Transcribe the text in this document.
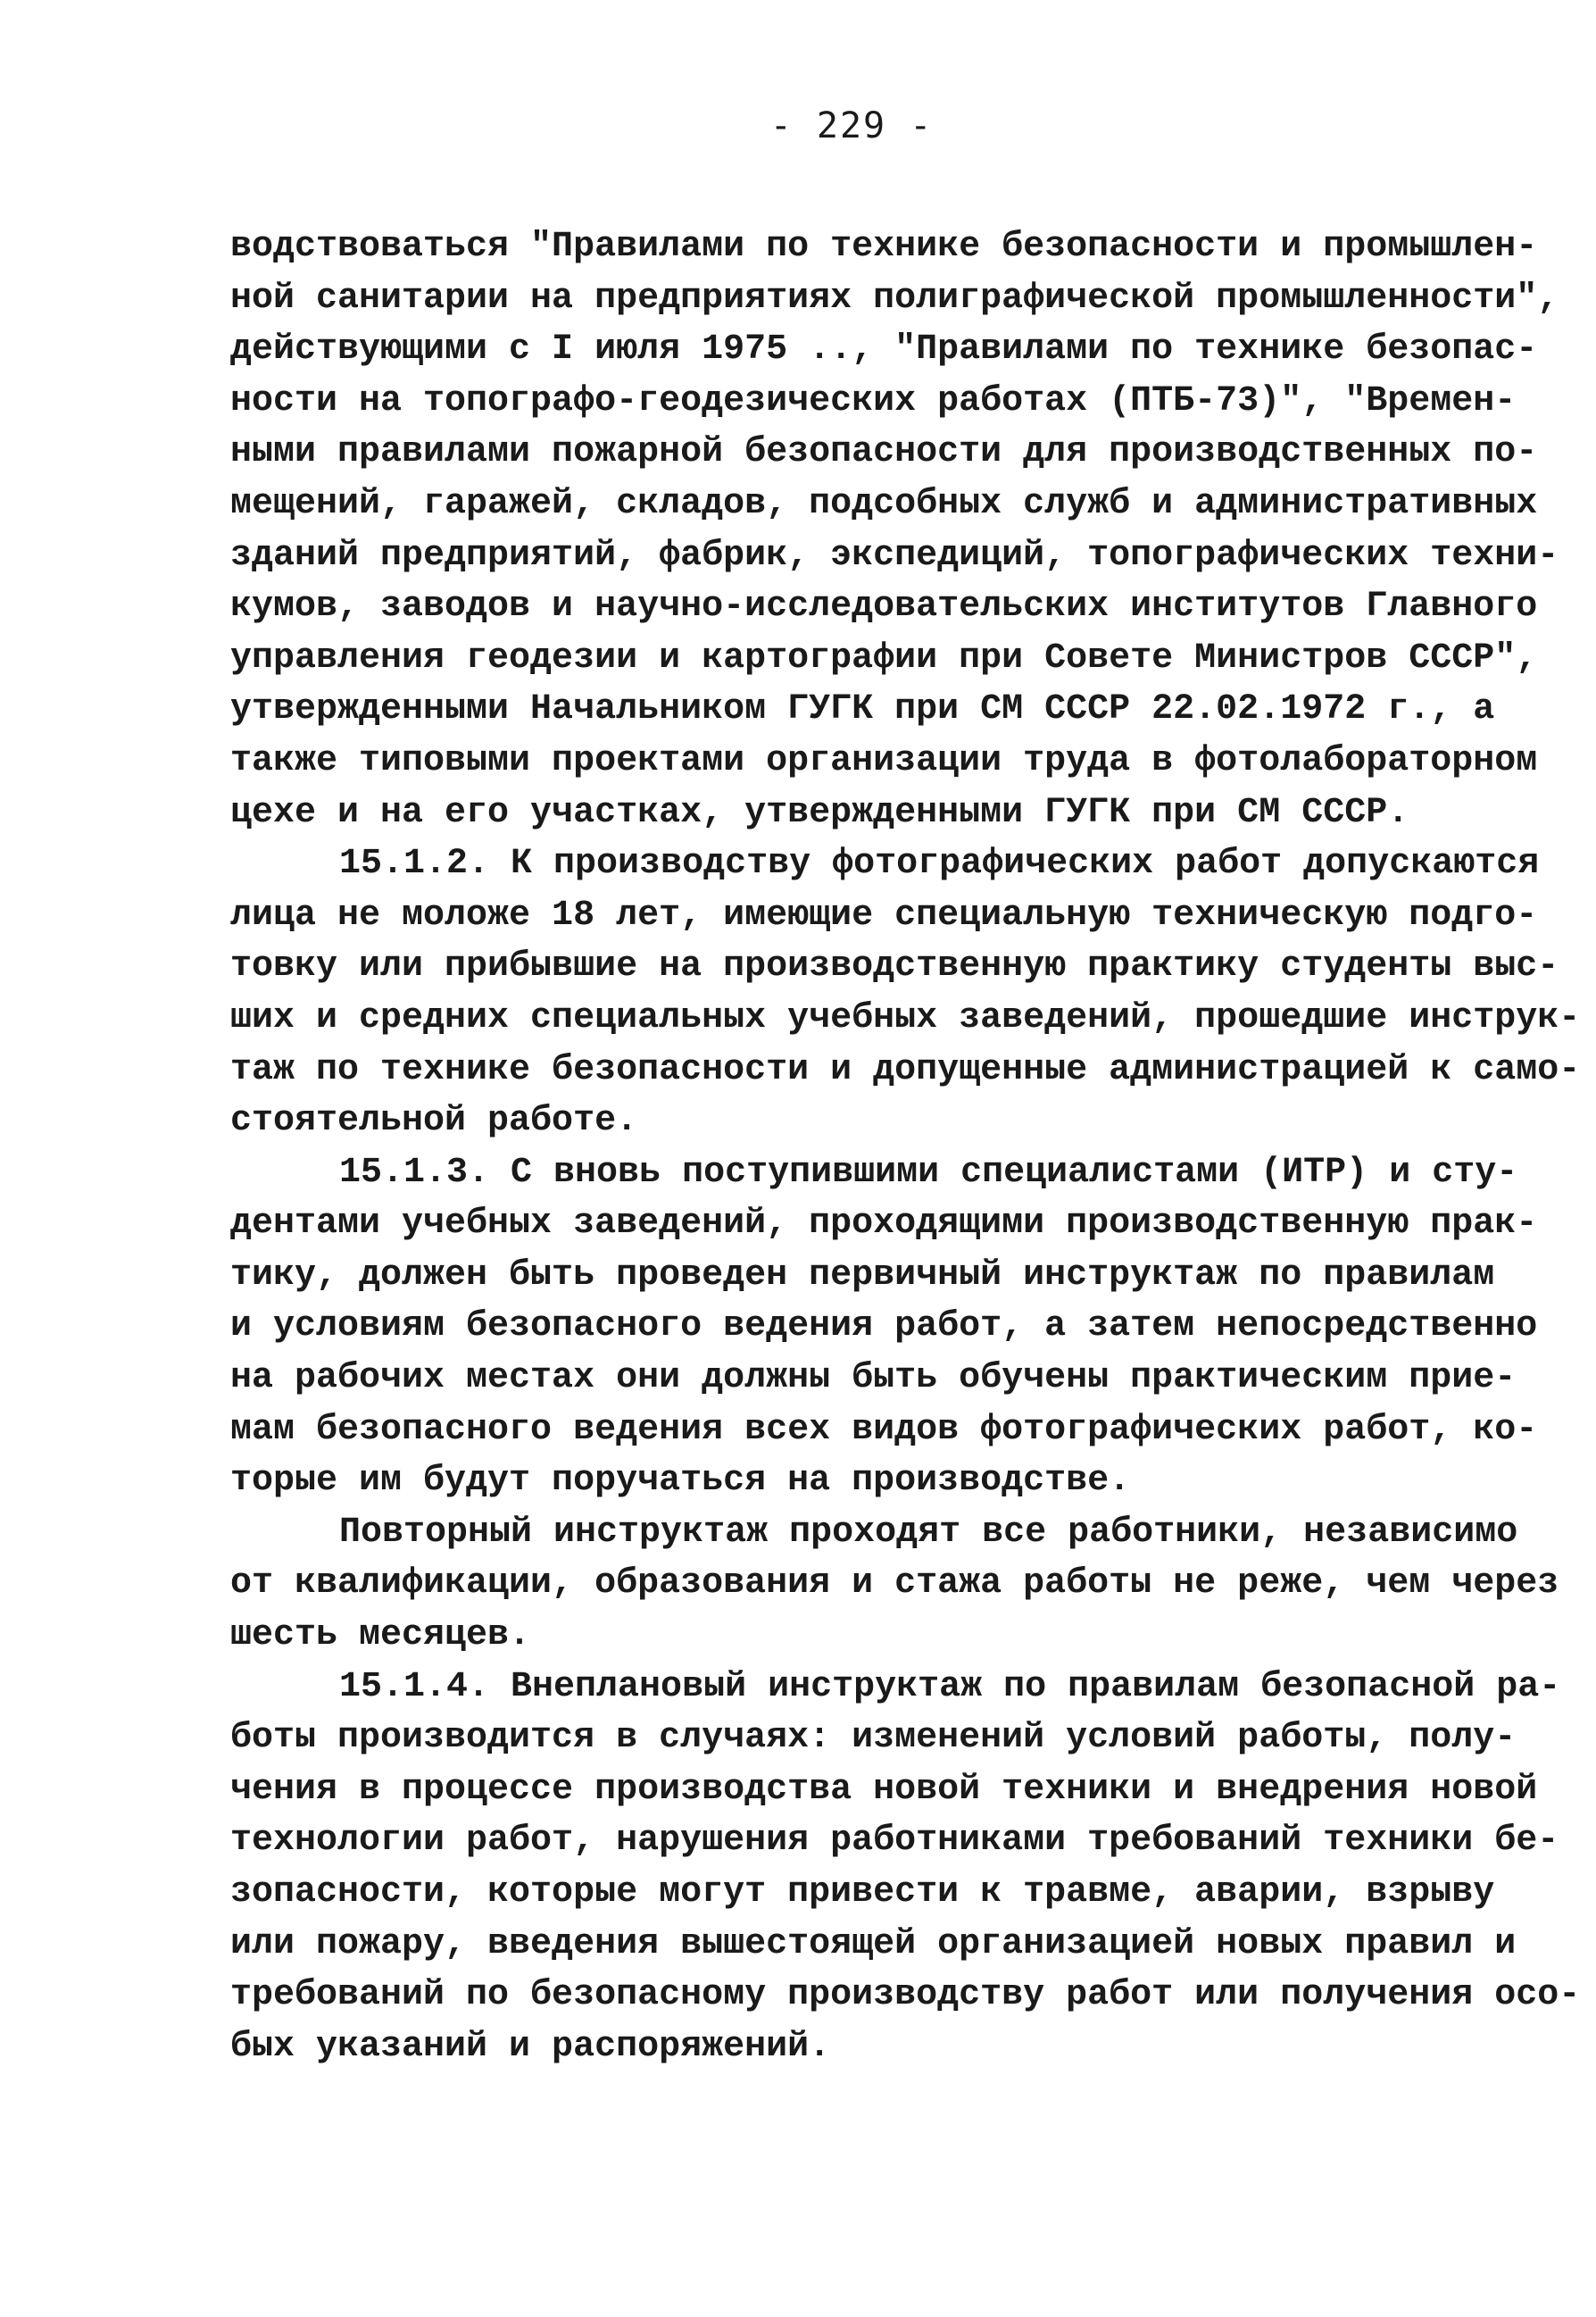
- 229 -
водствоваться "Правилами по технике безопасности и промышлен-
ной санитарии на предприятиях полиграфической промышленности",
действующими с I июля 1975 .., "Правилами по технике безопас-
ности на топографо-геодезических работах (ПТБ-73)", "Времен-
ными правилами пожарной безопасности для производственных по-
мещений, гаражей, складов, подсобных служб и административных
зданий предприятий, фабрик, экспедиций, топографических техни-
кумов, заводов и научно-исследовательских институтов Главного
управления геодезии и картографии при Совете Министров СССР",
утвержденными Начальником ГУГК при СМ СССР 22.02.1972 г., а
также типовыми проектами организации труда в фотолабораторном
цехе и на его участках, утвержденными ГУГК при СМ СССР.
15.1.2. К производству фотографических работ допускаются
лица не моложе 18 лет, имеющие специальную техническую подго-
товку или прибывшие на производственную практику студенты выс-
ших и средних специальных учебных заведений, прошедшие инструк-
таж по технике безопасности и допущенные администрацией к само-
стоятельной работе.
15.1.3. С вновь поступившими специалистами (ИТР) и сту-
дентами учебных заведений, проходящими производственную прак-
тику, должен быть проведен первичный инструктаж по правилам
и условиям безопасного ведения работ, а затем непосредственно
на рабочих местах они должны быть обучены практическим прие-
мам безопасного ведения всех видов фотографических работ, ко-
торые им будут поручаться на производстве.
Повторный инструктаж проходят все работники, независимо
от квалификации, образования и стажа работы не реже, чем через
шесть месяцев.
15.1.4. Внеплановый инструктаж по правилам безопасной ра-
боты производится в случаях: изменений условий работы, полу-
чения в процессе производства новой техники и внедрения новой
технологии работ, нарушения работниками требований техники бе-
зопасности, которые могут привести к травме, аварии, взрыву
или пожару, введения вышестоящей организацией новых правил и
требований по безопасному производству работ или получения осо-
бых указаний и распоряжений.
